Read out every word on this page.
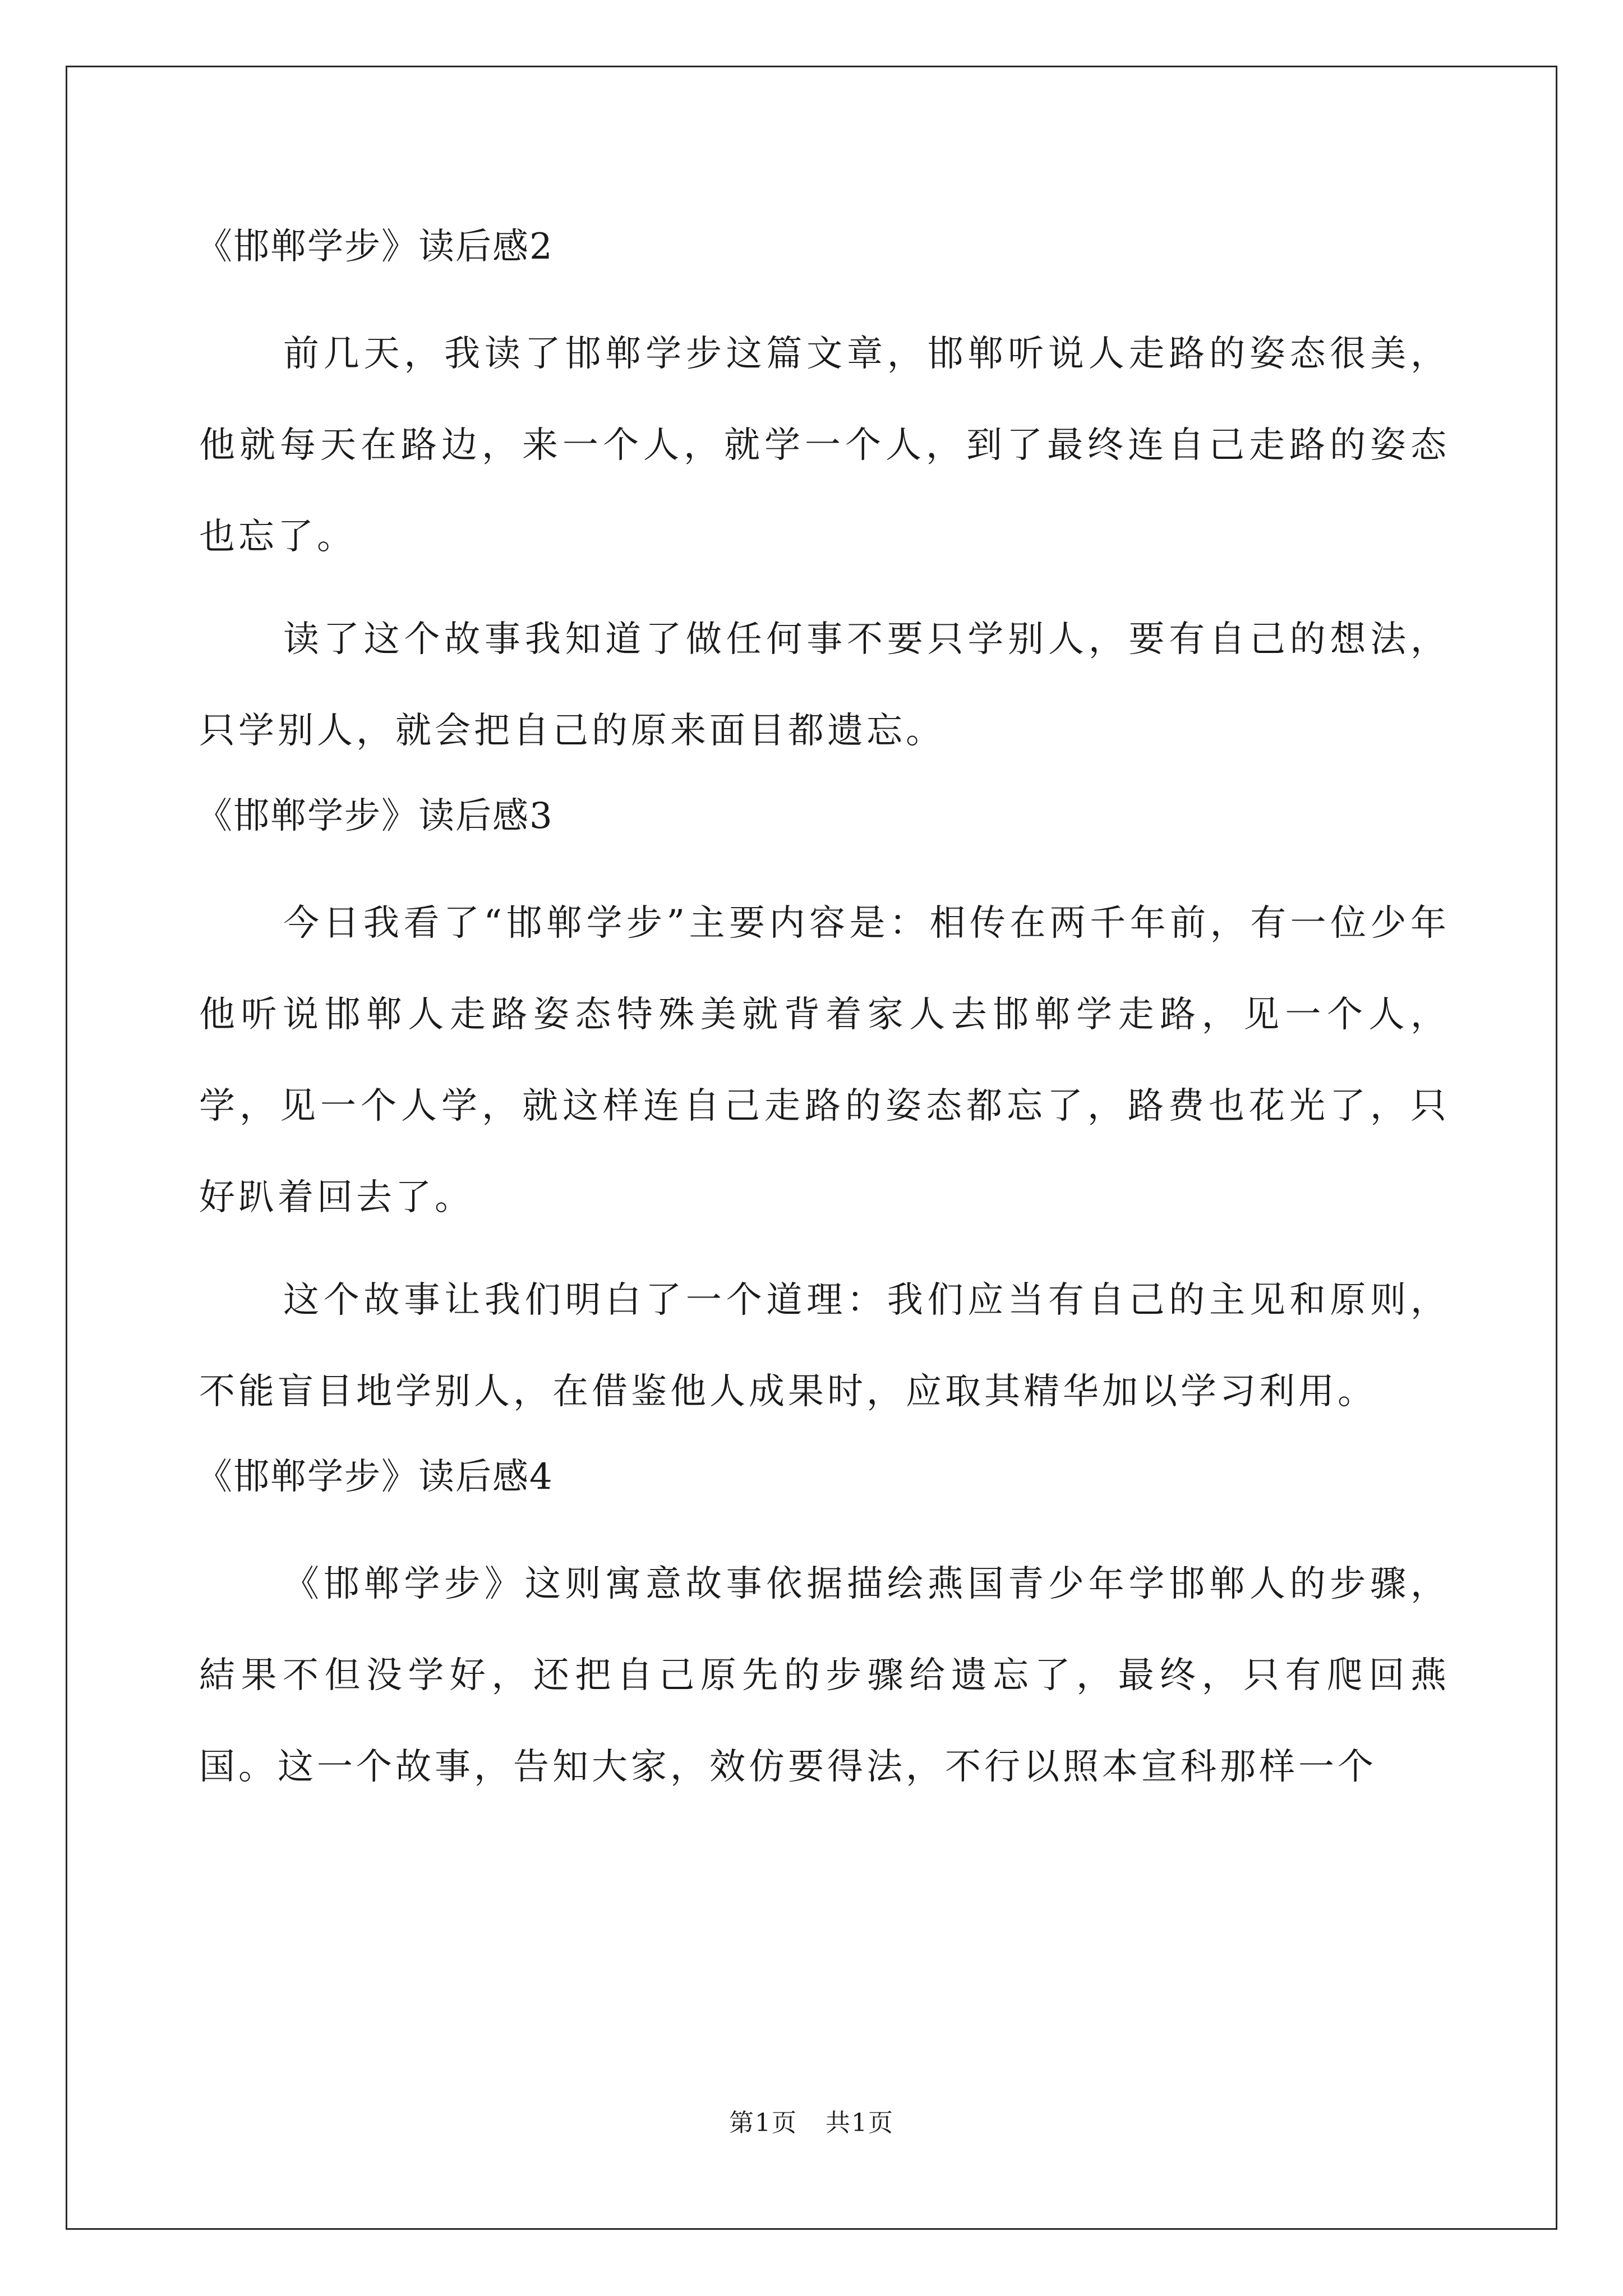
《邯郸学步》读后感2

前几天，我读了邯郸学步这篇文章，邯郸听说人走路的姿态很美，他就每天在路边，来一个人，就学一个人，到了最终连自己走路的姿态也忘了。

读了这个故事我知道了做任何事不要只学别人，要有自己的想法，只学别人，就会把自己的原来面目都遗忘。

《邯郸学步》读后感3

今日我看了“邯郸学步”主要内容是：相传在两千年前，有一位少年他听说邯郸人走路姿态特殊美就背着家人去邯郸学走路，见一个人，学，见一个人学，就这样连自己走路的姿态都忘了，路费也花光了，只好趴着回去了。

这个故事让我们明白了一个道理：我们应当有自己的主见和原则，不能盲目地学别人，在借鉴他人成果时，应取其精华加以学习利用。

《邯郸学步》读后感4

《邯郸学步》这则寓意故事依据描绘燕国青少年学邯郸人的步骤，結果不但没学好，还把自己原先的步骤给遗忘了，最终，只有爬回燕国。这一个故事，告知大家，效仿要得法，不行以照本宣科那样一个

第1页 共1页
